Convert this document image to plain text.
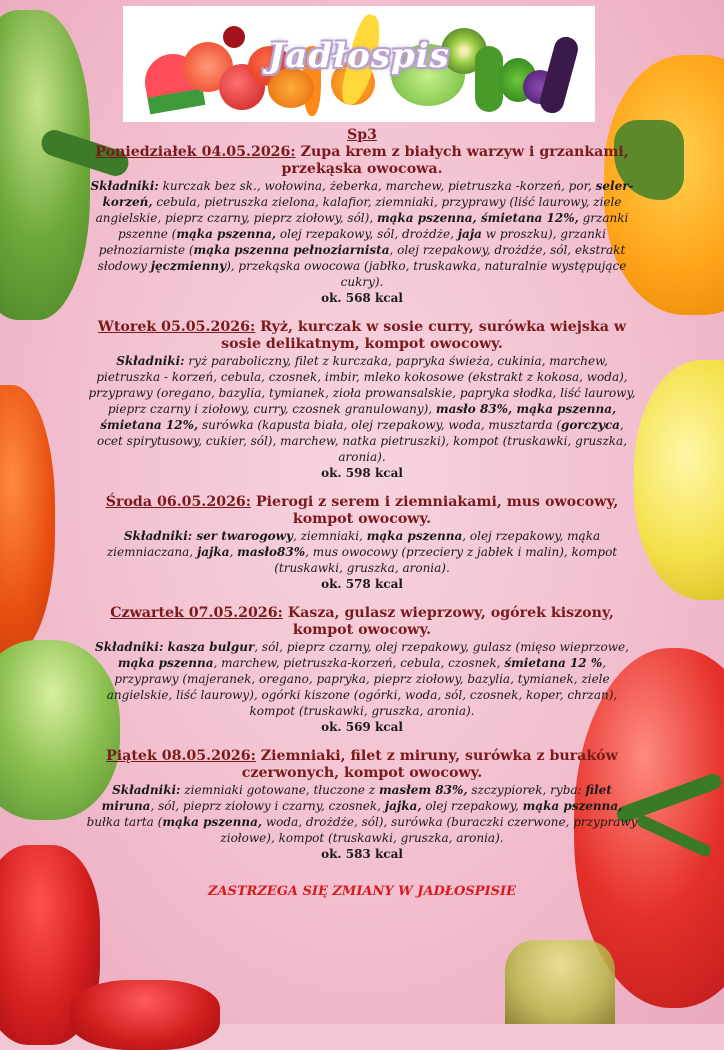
Jadłospis
Sp3
Poniedziałek 04.05.2026: Zupa krem z białych warzyw i grzankami, przekąska owocowa.
Składniki: kurczak bez sk., wołowina, żeberka, marchew, pietruszka -korzeń, por, seler-korzeń, cebula, pietruszka zielona, kalafior, ziemniaki, przyprawy (liść laurowy, ziele angielskie, pieprz czarny, pieprz ziołowy, sól), mąka pszenna, śmietana 12%, grzanki pszenne (mąka pszenna, olej rzepakowy, sól, drożdże, jaja w proszku), grzanki pełnoziarniste (mąka pszenna pełnoziarnista, olej rzepakowy, drożdże, sól, ekstrakt słodowy jęczmienny), przekąska owocowa (jabłko, truskawka, naturalnie występujące cukry).
ok. 568 kcal
Wtorek 05.05.2026: Ryż, kurczak w sosie curry, surówka wiejska w sosie delikatnym, kompot owocowy.
Składniki: ryż paraboliczny, filet z kurczaka, papryka świeża, cukinia, marchew, pietruszka - korzeń, cebula, czosnek, imbir, mleko kokosowe (ekstrakt z kokosa, woda), przyprawy (oregano, bazylia, tymianek, zioła prowansalskie, papryka słodka, liść laurowy, pieprz czarny i ziołowy, curry, czosnek granulowany), masło 83%, mąka pszenna, śmietana 12%, surówka (kapusta biała, olej rzepakowy, woda, musztarda (gorczyca, ocet spirytusowy, cukier, sól), marchew, natka pietruszki), kompot (truskawki, gruszka, aronia).
ok. 598 kcal
Środa 06.05.2026: Pierogi z serem i ziemniakami, mus owocowy, kompot owocowy.
Składniki: ser twarogowy, ziemniaki, mąka pszenna, olej rzepakowy, mąka ziemniaczana, jajka, masło83%, mus owocowy (przeciery z jabłek i malin), kompot (truskawki, gruszka, aronia).
ok. 578 kcal
Czwartek 07.05.2026: Kasza, gulasz wieprzowy, ogórek kiszony, kompot owocowy.
Składniki: kasza bulgur, sól, pieprz czarny, olej rzepakowy, gulasz (mięso wieprzowe, mąka pszenna, marchew, pietruszka-korzeń, cebula, czosnek, śmietana 12 %, przyprawy (majeranek, oregano, papryka, pieprz ziołowy, bazylia, tymianek, ziele angielskie, liść laurowy), ogórki kiszone (ogórki, woda, sól, czosnek, koper, chrzan), kompot (truskawki, gruszka, aronia).
ok. 569 kcal
Piątek 08.05.2026: Ziemniaki, filet z miruny, surówka z buraków czerwonych, kompot owocowy.
Składniki: ziemniaki gotowane, tłuczone z masłem 83%, szczypiorek, ryba: filet miruna, sól, pieprz ziołowy i czarny, czosnek, jajka, olej rzepakowy, mąka pszenna, bułka tarta (mąka pszenna, woda, drożdże, sól), surówka (buraczki czerwone, przyprawy ziołowe), kompot (truskawki, gruszka, aronia).
ok. 583 kcal
ZASTRZEGA SIĘ ZMIANY W JADŁOSPISIE
